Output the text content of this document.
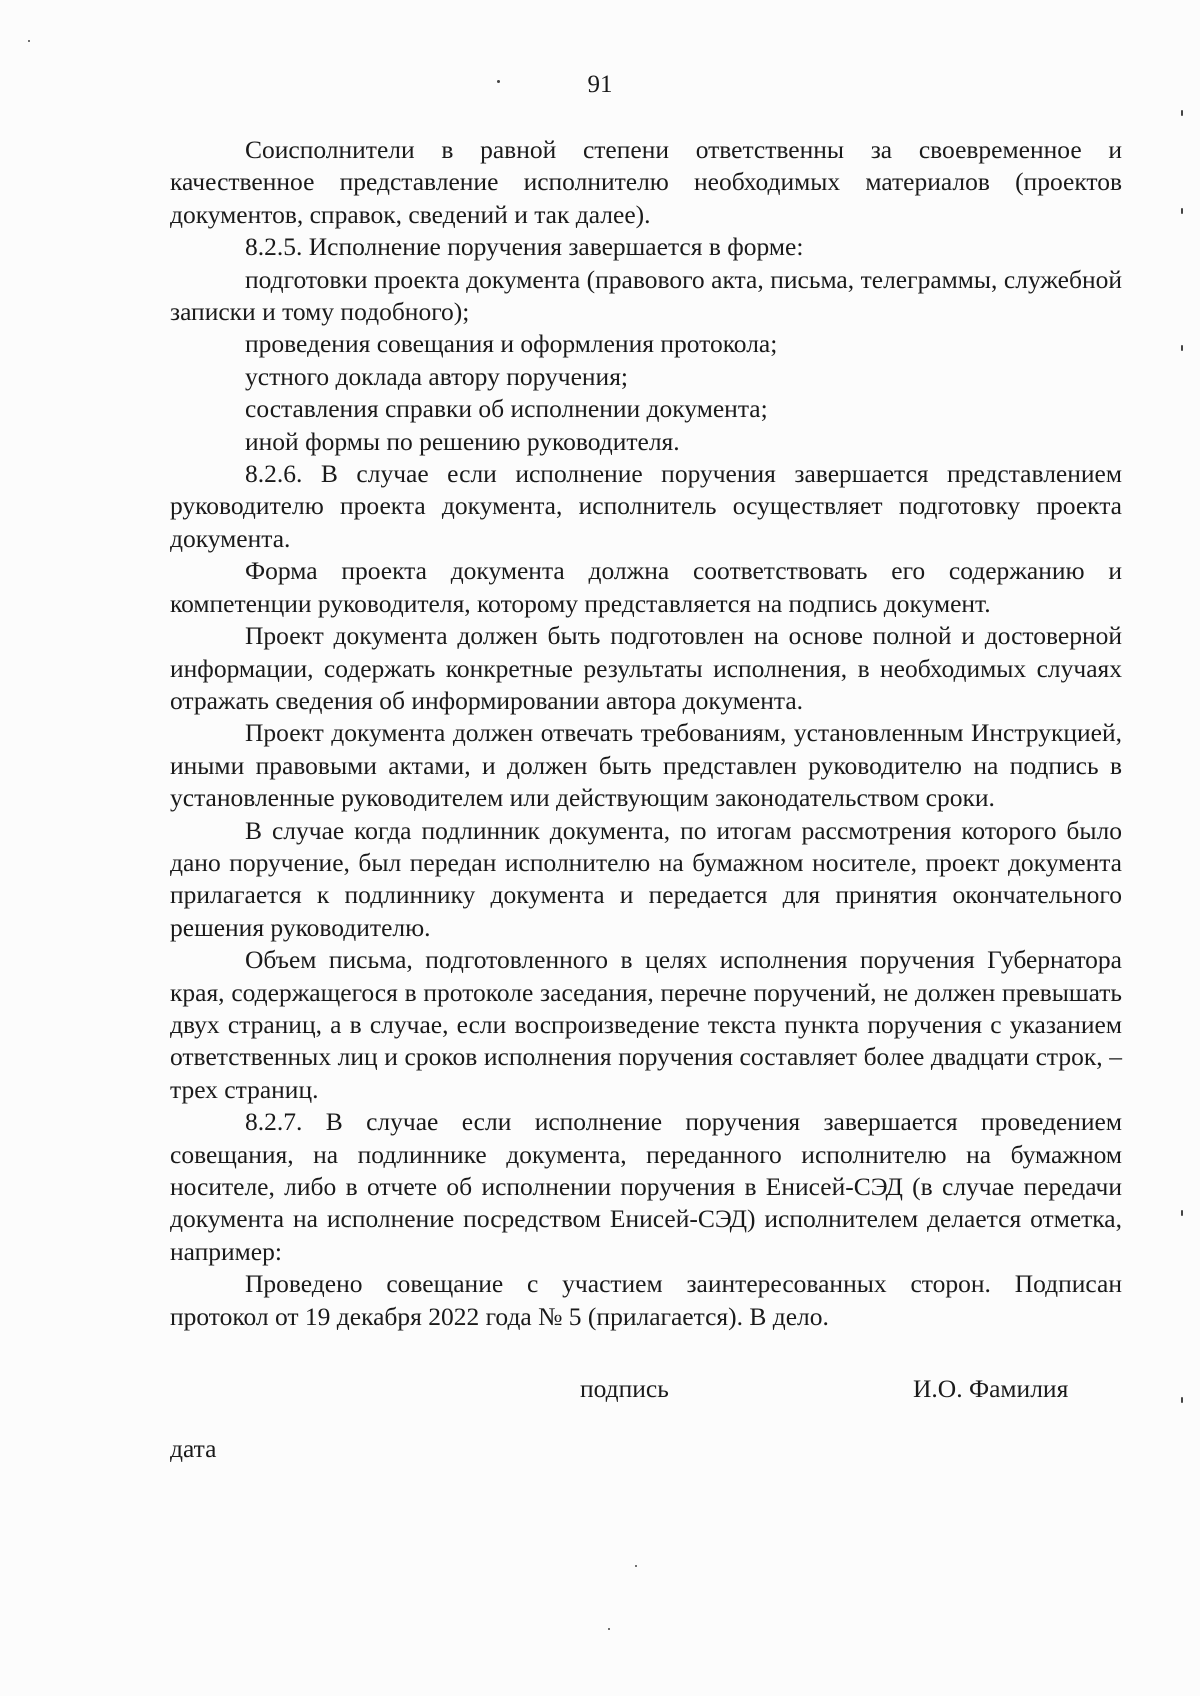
91

Соисполнители в равной степени ответственны за своевременное и качественное представление исполнителю необходимых материалов (проектов документов, справок, сведений и так далее).

8.2.5. Исполнение поручения завершается в форме:

подготовки проекта документа (правового акта, письма, телеграммы, служебной записки и тому подобного);

проведения совещания и оформления протокола;

устного доклада автору поручения;

составления справки об исполнении документа;

иной формы по решению руководителя.

8.2.6. В случае если исполнение поручения завершается представлением руководителю проекта документа, исполнитель осуществляет подготовку проекта документа.

Форма проекта документа должна соответствовать его содержанию и компетенции руководителя, которому представляется на подпись документ.

Проект документа должен быть подготовлен на основе полной и достоверной информации, содержать конкретные результаты исполнения, в необходимых случаях отражать сведения об информировании автора документа.

Проект документа должен отвечать требованиям, установленным Инструкцией, иными правовыми актами, и должен быть представлен руководителю на подпись в установленные руководителем или действующим законодательством сроки.

В случае когда подлинник документа, по итогам рассмотрения которого было дано поручение, был передан исполнителю на бумажном носителе, проект документа прилагается к подлиннику документа и передается для принятия окончательного решения руководителю.

Объем письма, подготовленного в целях исполнения поручения Губернатора края, содержащегося в протоколе заседания, перечне поручений, не должен превышать двух страниц, а в случае, если воспроизведение текста пункта поручения с указанием ответственных лиц и сроков исполнения поручения составляет более двадцати строк, – трех страниц.

8.2.7. В случае если исполнение поручения завершается проведением совещания, на подлиннике документа, переданного исполнителю на бумажном носителе, либо в отчете об исполнении поручения в Енисей-СЭД (в случае передачи документа на исполнение посредством Енисей-СЭД) исполнителем делается отметка, например:

Проведено совещание с участием заинтересованных сторон. Подписан протокол от 19 декабря 2022 года № 5 (прилагается). В дело.

подпись	И.О. Фамилия
дата
